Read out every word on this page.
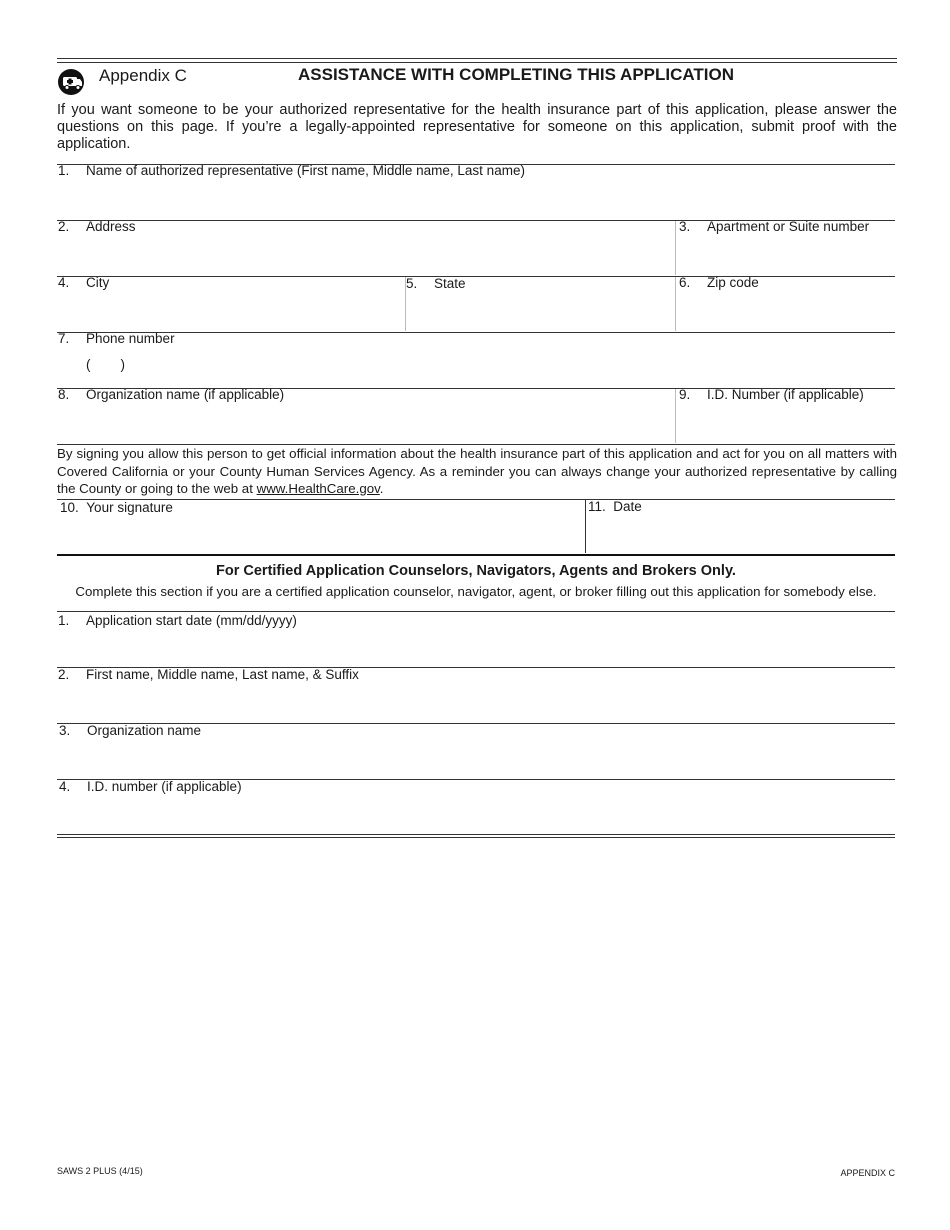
Appendix C	ASSISTANCE WITH COMPLETING THIS APPLICATION
If you want someone to be your authorized representative for the health insurance part of this application, please answer the questions on this page. If you’re a legally-appointed representative for someone on this application, submit proof with the application.
1. Name of authorized representative (First name, Middle name, Last name)
2. Address	3. Apartment or Suite number
4. City	5. State	6. Zip code
7. Phone number
(        )
8. Organization name (if applicable)	9. I.D. Number (if applicable)
By signing you allow this person to get official information about the health insurance part of this application and act for you on all matters with Covered California or your County Human Services Agency. As a reminder you can always change your authorized representative by calling the County or going to the web at www.HealthCare.gov.
10. Your signature	11. Date
For Certified Application Counselors, Navigators, Agents and Brokers Only.
Complete this section if you are a certified application counselor, navigator, agent, or broker filling out this application for somebody else.
1. Application start date (mm/dd/yyyy)
2. First name, Middle name, Last name, & Suffix
3. Organization name
4. I.D. number (if applicable)
SAWS 2 PLUS (4/15)	APPENDIX C
